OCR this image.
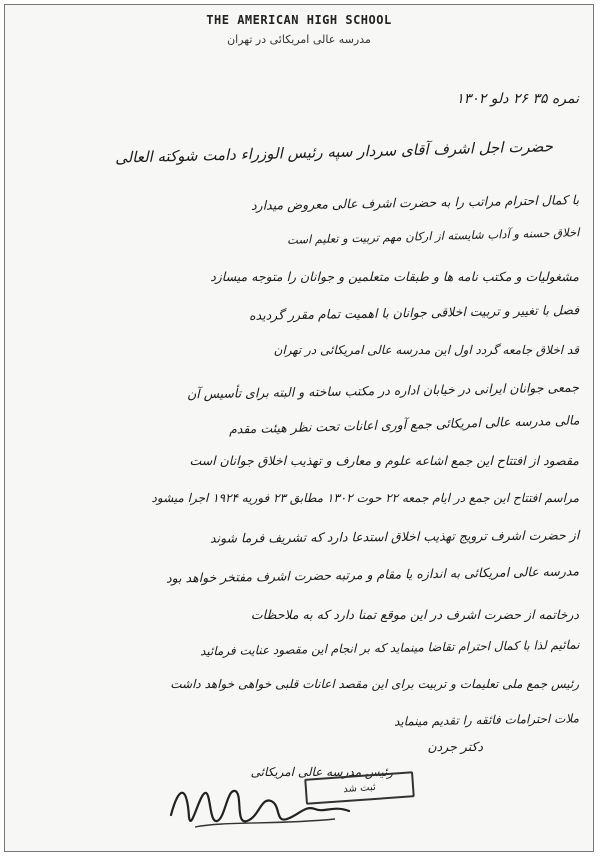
THE AMERICAN HIGH SCHOOL
مدرسه عالی امریکائی در تهران
نمره ۳۵ ۲۶ دلو ۱۳۰۲
حضرت اجل اشرف آقای سردار سپه رئیس الوزراء دامت شوکته العالی
با کمال احترام مراتب را به حضرت اشرف عالی معروض میدارد
اخلاق حسنه و آداب شایسته از ارکان مهم تربیت و تعلیم است
مشغولیات و مکتب نامه ها و طبقات متعلمین و جوانان را متوجه میسازد
فصل با تغییر و تربیت اخلاقی جوانان با اهمیت تمام مقرر گردیده
قد اخلاق جامعه گردد اول این مدرسه عالی امریکائی در تهران
جمعی جوانان ایرانی در خیابان اداره در مکتب ساخته و البته برای تأسیس آن
مالی مدرسه عالی امریکائی جمع آوری اعانات تحت نظر هیئت مقدم
مقصود از افتتاح این جمع اشاعه علوم و معارف و تهذیب اخلاق جوانان است
مراسم افتتاح این جمع در ایام جمعه ۲۲ حوت ۱۳۰۲ مطابق ۲۳ فوریه ۱۹۲۴ اجرا میشود
از حضرت اشرف ترویج تهذیب اخلاق استدعا دارد که تشریف فرما شوند
مدرسه عالی امریکائی به اندازه یا مقام و مرتبه حضرت اشرف مفتخر خواهد بود
درخاتمه از حضرت اشرف در این موقع تمنا دارد که به ملاحظات
نمائیم لذا با کمال احترام تقاضا مینماید که بر انجام این مقصود عنایت فرمائید
رئیس جمع ملی تعلیمات و تربیت برای این مقصد اعانات قلبی خواهی خواهد داشت
ملات احترامات فائقه را تقدیم مینماید
دکتر جردن
رئیس مدرسه عالی امریکائی
ثبت شد
